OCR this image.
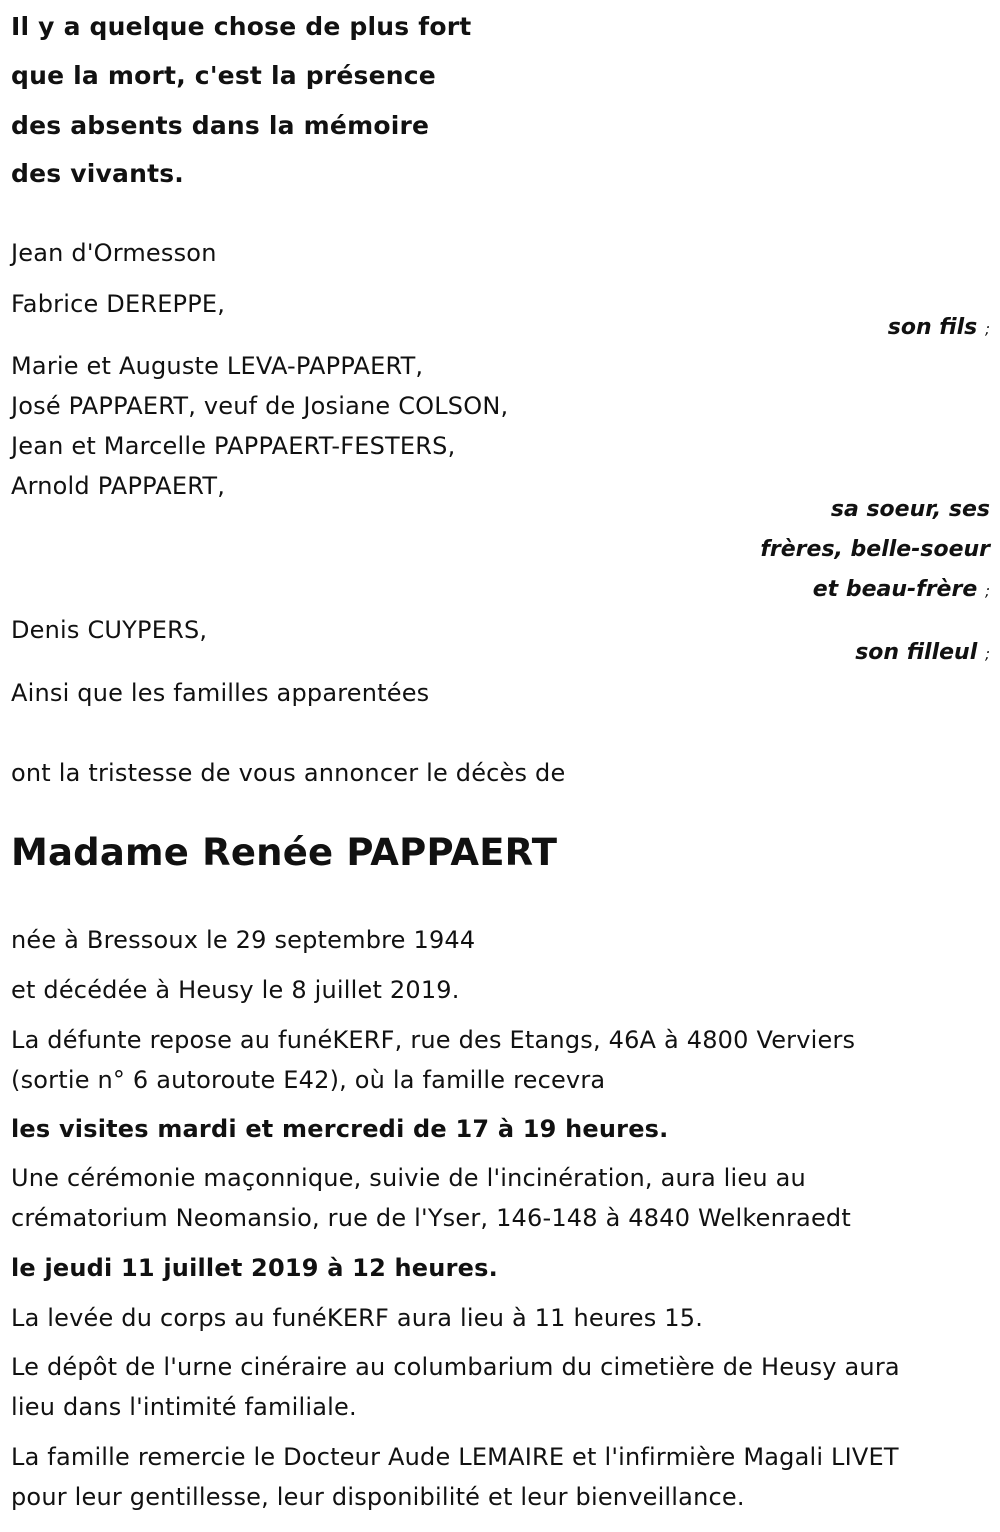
Il y a quelque chose de plus fort
que la mort, c'est la présence
des absents dans la mémoire
des vivants.
Jean d'Ormesson
Fabrice DEREPPE,
son fils ;
Marie et Auguste LEVA-PAPPAERT,
José PAPPAERT, veuf de Josiane COLSON,
Jean et Marcelle PAPPAERT-FESTERS,
Arnold PAPPAERT,
sa soeur, ses
frères, belle-soeur
et beau-frère ;
Denis CUYPERS,
son filleul ;
Ainsi que les familles apparentées
ont la tristesse de vous annoncer le décès de
Madame Renée PAPPAERT
née à Bressoux le 29 septembre 1944
et décédée à Heusy le 8 juillet 2019.
La défunte repose au funéKERF, rue des Etangs, 46A à 4800 Verviers
(sortie n° 6 autoroute E42), où la famille recevra
les visites mardi et mercredi de 17 à 19 heures.
Une cérémonie maçonnique, suivie de l'incinération, aura lieu au
crématorium Neomansio, rue de l'Yser, 146-148 à 4840 Welkenraedt
le jeudi 11 juillet 2019 à 12 heures.
La levée du corps au funéKERF aura lieu à 11 heures 15.
Le dépôt de l'urne cinéraire au columbarium du cimetière de Heusy aura
lieu dans l'intimité familiale.
La famille remercie le Docteur Aude LEMAIRE et l'infirmière Magali LIVET
pour leur gentillesse, leur disponibilité et leur bienveillance.
